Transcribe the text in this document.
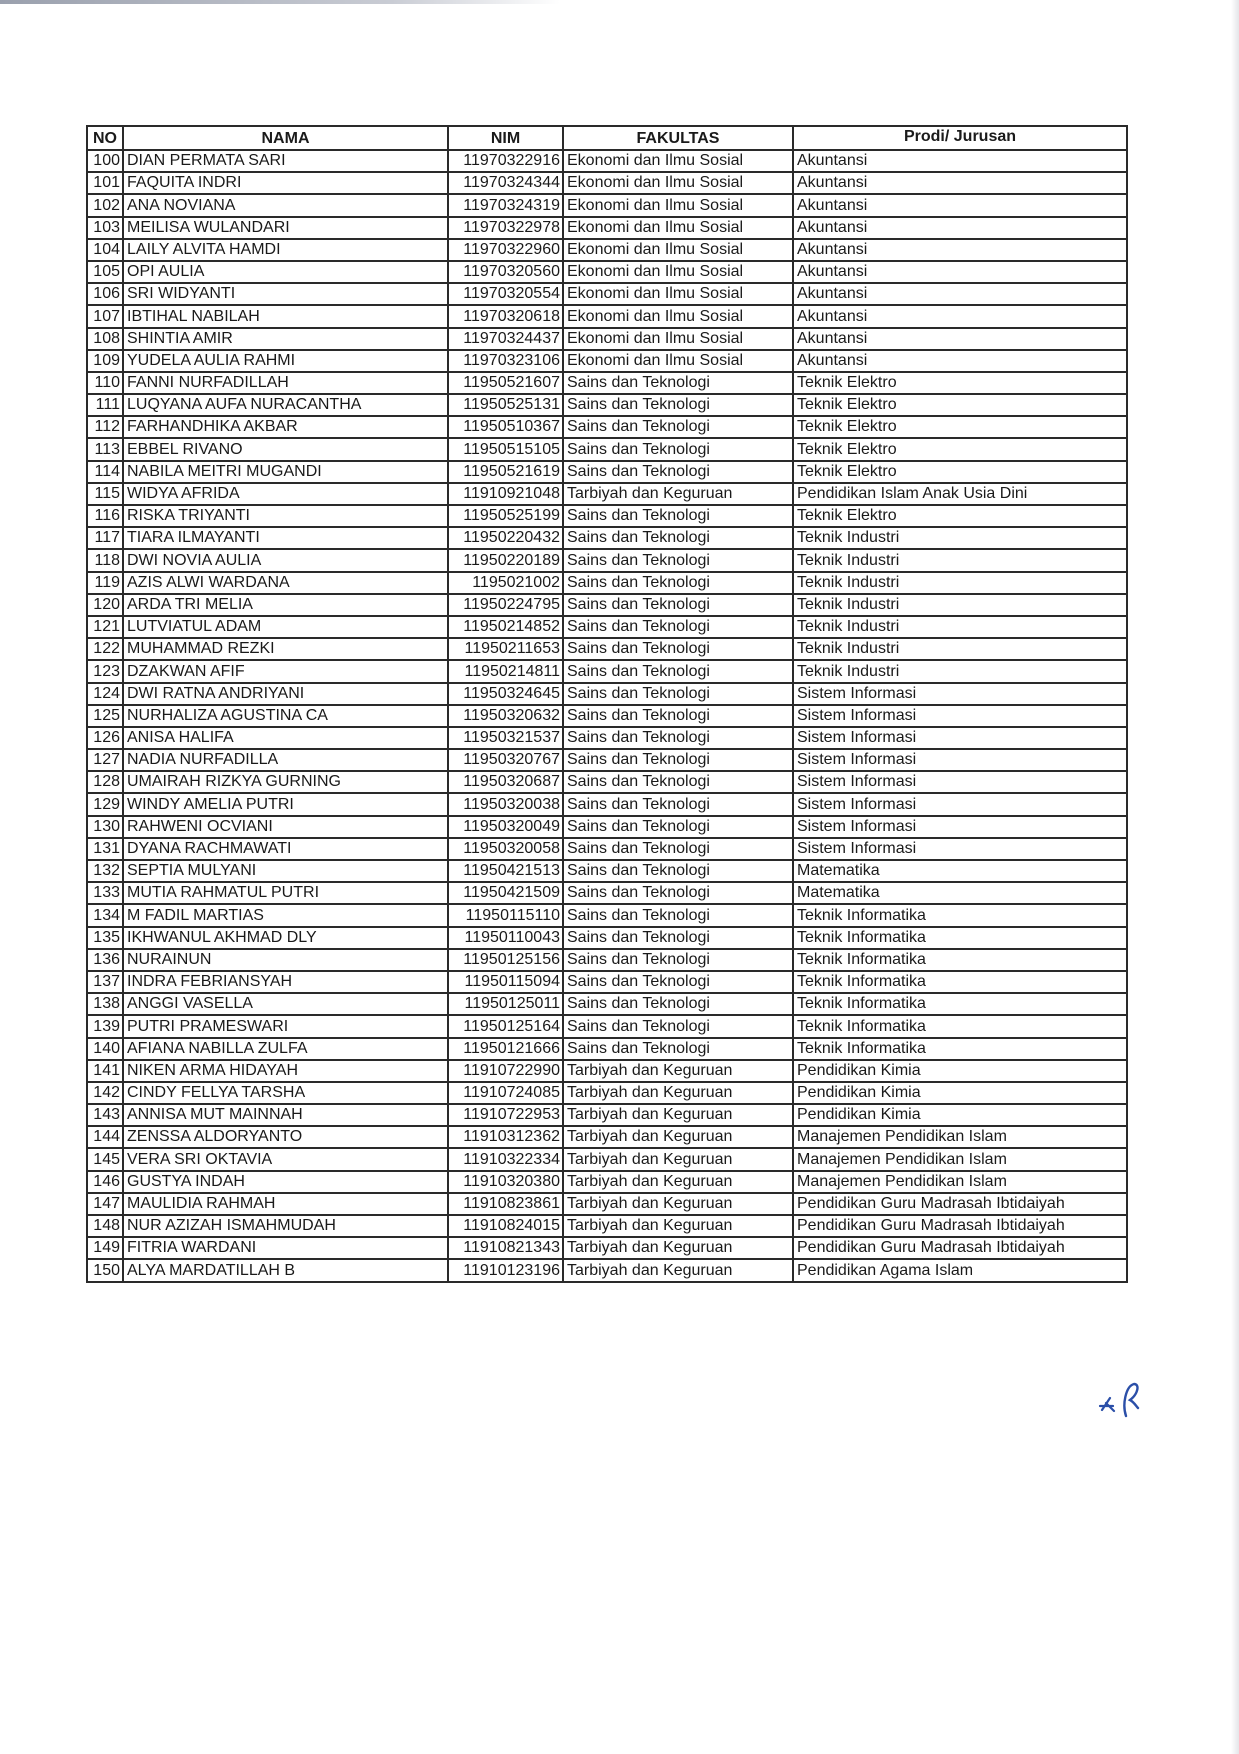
NO	NAMA	NIM	FAKULTAS	Prodi/ Jurusan
100	DIAN PERMATA SARI	11970322916	Ekonomi dan Ilmu Sosial	Akuntansi
101	FAQUITA INDRI	11970324344	Ekonomi dan Ilmu Sosial	Akuntansi
102	ANA NOVIANA	11970324319	Ekonomi dan Ilmu Sosial	Akuntansi
103	MEILISA WULANDARI	11970322978	Ekonomi dan Ilmu Sosial	Akuntansi
104	LAILY ALVITA HAMDI	11970322960	Ekonomi dan Ilmu Sosial	Akuntansi
105	OPI AULIA	11970320560	Ekonomi dan Ilmu Sosial	Akuntansi
106	SRI WIDYANTI	11970320554	Ekonomi dan Ilmu Sosial	Akuntansi
107	IBTIHAL NABILAH	11970320618	Ekonomi dan Ilmu Sosial	Akuntansi
108	SHINTIA AMIR	11970324437	Ekonomi dan Ilmu Sosial	Akuntansi
109	YUDELA AULIA RAHMI	11970323106	Ekonomi dan Ilmu Sosial	Akuntansi
110	FANNI NURFADILLAH	11950521607	Sains dan Teknologi	Teknik Elektro
111	LUQYANA AUFA NURACANTHA	11950525131	Sains dan Teknologi	Teknik Elektro
112	FARHANDHIKA AKBAR	11950510367	Sains dan Teknologi	Teknik Elektro
113	EBBEL RIVANO	11950515105	Sains dan Teknologi	Teknik Elektro
114	NABILA MEITRI MUGANDI	11950521619	Sains dan Teknologi	Teknik Elektro
115	WIDYA AFRIDA	11910921048	Tarbiyah dan Keguruan	Pendidikan Islam Anak Usia Dini
116	RISKA TRIYANTI	11950525199	Sains dan Teknologi	Teknik Elektro
117	TIARA ILMAYANTI	11950220432	Sains dan Teknologi	Teknik Industri
118	DWI NOVIA AULIA	11950220189	Sains dan Teknologi	Teknik Industri
119	AZIS ALWI WARDANA	1195021002	Sains dan Teknologi	Teknik Industri
120	ARDA TRI MELIA	11950224795	Sains dan Teknologi	Teknik Industri
121	LUTVIATUL ADAM	11950214852	Sains dan Teknologi	Teknik Industri
122	MUHAMMAD REZKI	11950211653	Sains dan Teknologi	Teknik Industri
123	DZAKWAN AFIF	11950214811	Sains dan Teknologi	Teknik Industri
124	DWI RATNA ANDRIYANI	11950324645	Sains dan Teknologi	Sistem Informasi
125	NURHALIZA AGUSTINA CA	11950320632	Sains dan Teknologi	Sistem Informasi
126	ANISA HALIFA	11950321537	Sains dan Teknologi	Sistem Informasi
127	NADIA NURFADILLA	11950320767	Sains dan Teknologi	Sistem Informasi
128	UMAIRAH RIZKYA GURNING	11950320687	Sains dan Teknologi	Sistem Informasi
129	WINDY AMELIA PUTRI	11950320038	Sains dan Teknologi	Sistem Informasi
130	RAHWENI OCVIANI	11950320049	Sains dan Teknologi	Sistem Informasi
131	DYANA RACHMAWATI	11950320058	Sains dan Teknologi	Sistem Informasi
132	SEPTIA MULYANI	11950421513	Sains dan Teknologi	Matematika
133	MUTIA RAHMATUL PUTRI	11950421509	Sains dan Teknologi	Matematika
134	M FADIL MARTIAS	11950115110	Sains dan Teknologi	Teknik Informatika
135	IKHWANUL AKHMAD DLY	11950110043	Sains dan Teknologi	Teknik Informatika
136	NURAINUN	11950125156	Sains dan Teknologi	Teknik Informatika
137	INDRA FEBRIANSYAH	11950115094	Sains dan Teknologi	Teknik Informatika
138	ANGGI VASELLA	11950125011	Sains dan Teknologi	Teknik Informatika
139	PUTRI PRAMESWARI	11950125164	Sains dan Teknologi	Teknik Informatika
140	AFIANA NABILLA ZULFA	11950121666	Sains dan Teknologi	Teknik Informatika
141	NIKEN ARMA HIDAYAH	11910722990	Tarbiyah dan Keguruan	Pendidikan Kimia
142	CINDY FELLYA TARSHA	11910724085	Tarbiyah dan Keguruan	Pendidikan Kimia
143	ANNISA MUT MAINNAH	11910722953	Tarbiyah dan Keguruan	Pendidikan Kimia
144	ZENSSA ALDORYANTO	11910312362	Tarbiyah dan Keguruan	Manajemen Pendidikan Islam
145	VERA SRI OKTAVIA	11910322334	Tarbiyah dan Keguruan	Manajemen Pendidikan Islam
146	GUSTYA INDAH	11910320380	Tarbiyah dan Keguruan	Manajemen Pendidikan Islam
147	MAULIDIA RAHMAH	11910823861	Tarbiyah dan Keguruan	Pendidikan Guru Madrasah Ibtidaiyah
148	NUR AZIZAH ISMAHMUDAH	11910824015	Tarbiyah dan Keguruan	Pendidikan Guru Madrasah Ibtidaiyah
149	FITRIA WARDANI	11910821343	Tarbiyah dan Keguruan	Pendidikan Guru Madrasah Ibtidaiyah
150	ALYA MARDATILLAH B	11910123196	Tarbiyah dan Keguruan	Pendidikan Agama Islam
